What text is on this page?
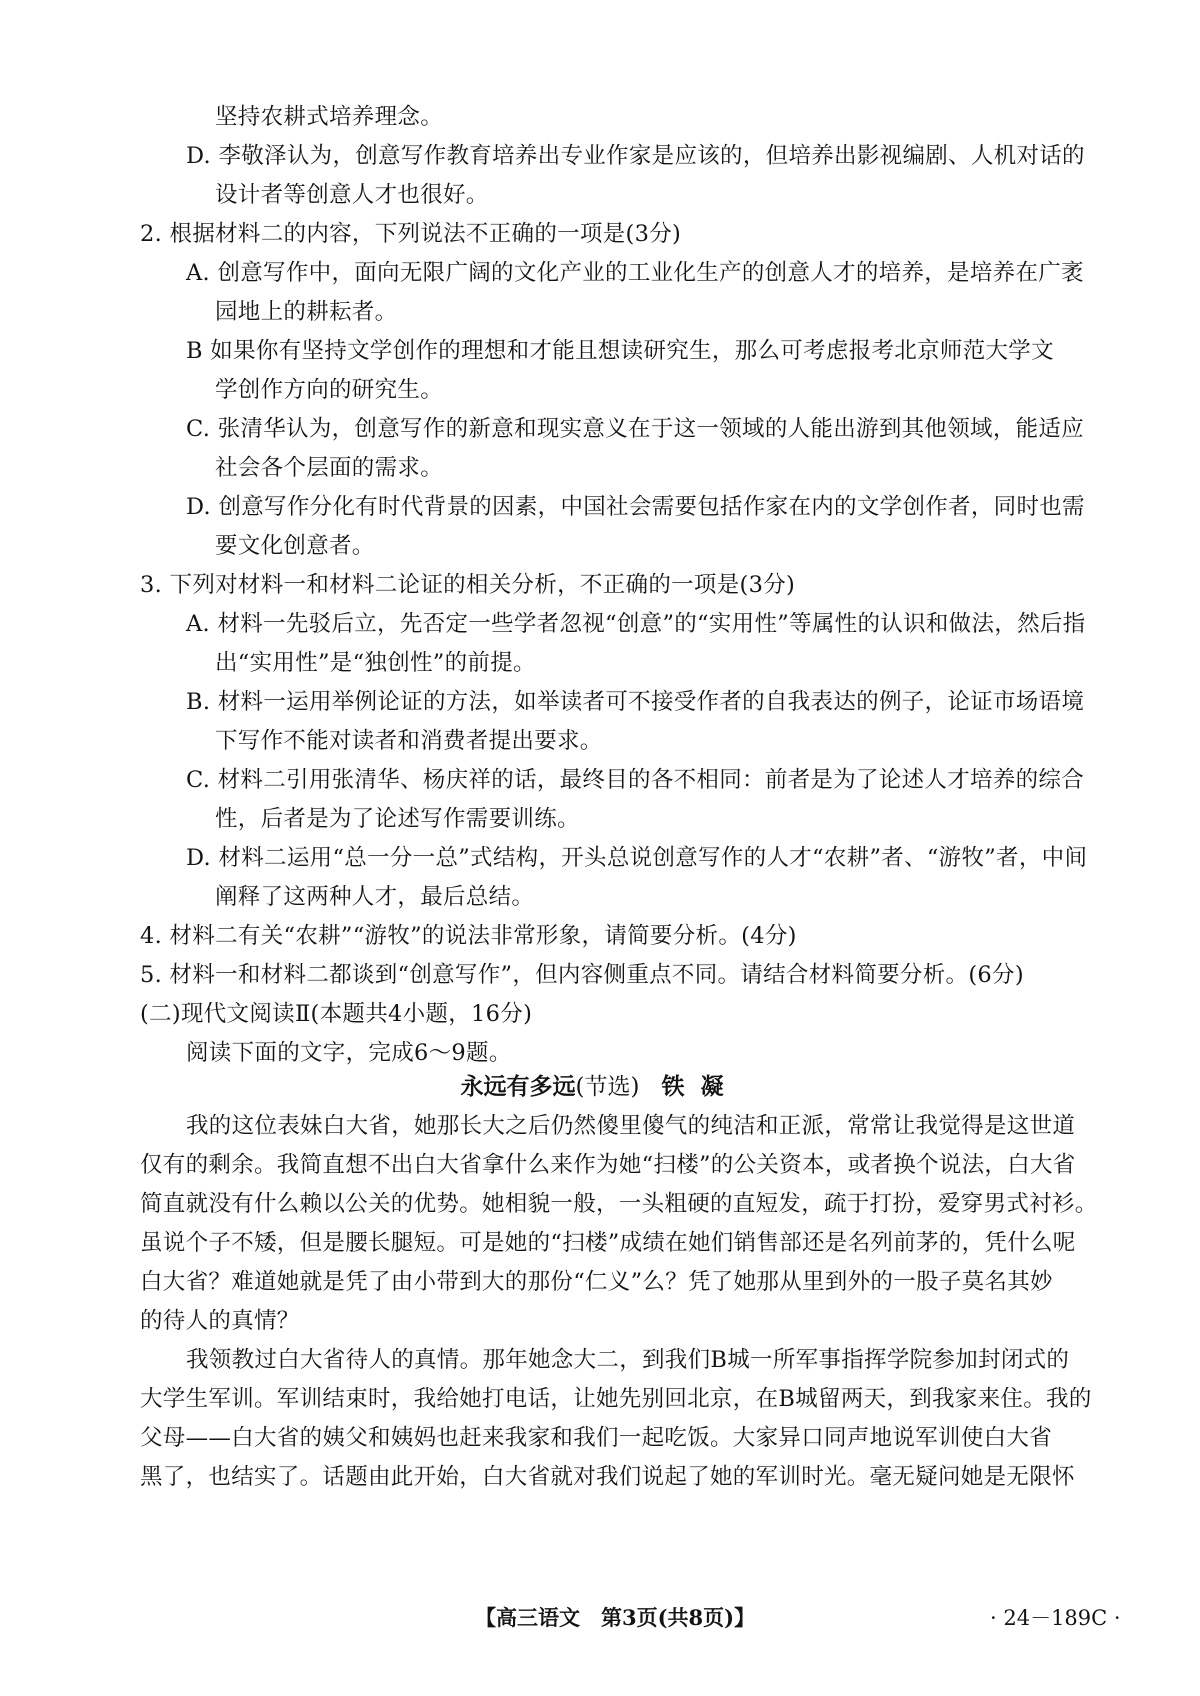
坚持农耕式培养理念。
D. 李敬泽认为，创意写作教育培养出专业作家是应该的，但培养出影视编剧、人机对话的
设计者等创意人才也很好。
2. 根据材料二的内容，下列说法不正确的一项是(3分)
A. 创意写作中，面向无限广阔的文化产业的工业化生产的创意人才的培养，是培养在广袤
园地上的耕耘者。
B 如果你有坚持文学创作的理想和才能且想读研究生，那么可考虑报考北京师范大学文
学创作方向的研究生。
C. 张清华认为，创意写作的新意和现实意义在于这一领域的人能出游到其他领域，能适应
社会各个层面的需求。
D. 创意写作分化有时代背景的因素，中国社会需要包括作家在内的文学创作者，同时也需
要文化创意者。
3. 下列对材料一和材料二论证的相关分析，不正确的一项是(3分)
A. 材料一先驳后立，先否定一些学者忽视“创意”的“实用性”等属性的认识和做法，然后指
出“实用性”是“独创性”的前提。
B. 材料一运用举例论证的方法，如举读者可不接受作者的自我表达的例子，论证市场语境
下写作不能对读者和消费者提出要求。
C. 材料二引用张清华、杨庆祥的话，最终目的各不相同：前者是为了论述人才培养的综合
性，后者是为了论述写作需要训练。
D. 材料二运用“总一分一总”式结构，开头总说创意写作的人才“农耕”者、“游牧”者，中间
阐释了这两种人才，最后总结。
4. 材料二有关“农耕”“游牧”的说法非常形象，请简要分析。(4分)
5. 材料一和材料二都谈到“创意写作”，但内容侧重点不同。请结合材料简要分析。(6分)
(二)现代文阅读Ⅱ(本题共4小题，16分)
阅读下面的文字，完成6～9题。
永远有多远(节选) 铁凝
我的这位表妹白大省，她那长大之后仍然傻里傻气的纯洁和正派，常常让我觉得是这世道
仅有的剩余。我简直想不出白大省拿什么来作为她“扫楼”的公关资本，或者换个说法，白大省
简直就没有什么赖以公关的优势。她相貌一般，一头粗硬的直短发，疏于打扮，爱穿男式衬衫。
虽说个子不矮，但是腰长腿短。可是她的“扫楼”成绩在她们销售部还是名列前茅的，凭什么呢
白大省？难道她就是凭了由小带到大的那份“仁义”么？凭了她那从里到外的一股子莫名其妙
的待人的真情？
我领教过白大省待人的真情。那年她念大二，到我们B城一所军事指挥学院参加封闭式的
大学生军训。军训结束时，我给她打电话，让她先别回北京，在B城留两天，到我家来住。我的
父母——白大省的姨父和姨妈也赶来我家和我们一起吃饭。大家异口同声地说军训使白大省
黑了，也结实了。话题由此开始，白大省就对我们说起了她的军训时光。毫无疑问她是无限怀
【高三语文　第3页(共8页)】	· 24－189C ·
